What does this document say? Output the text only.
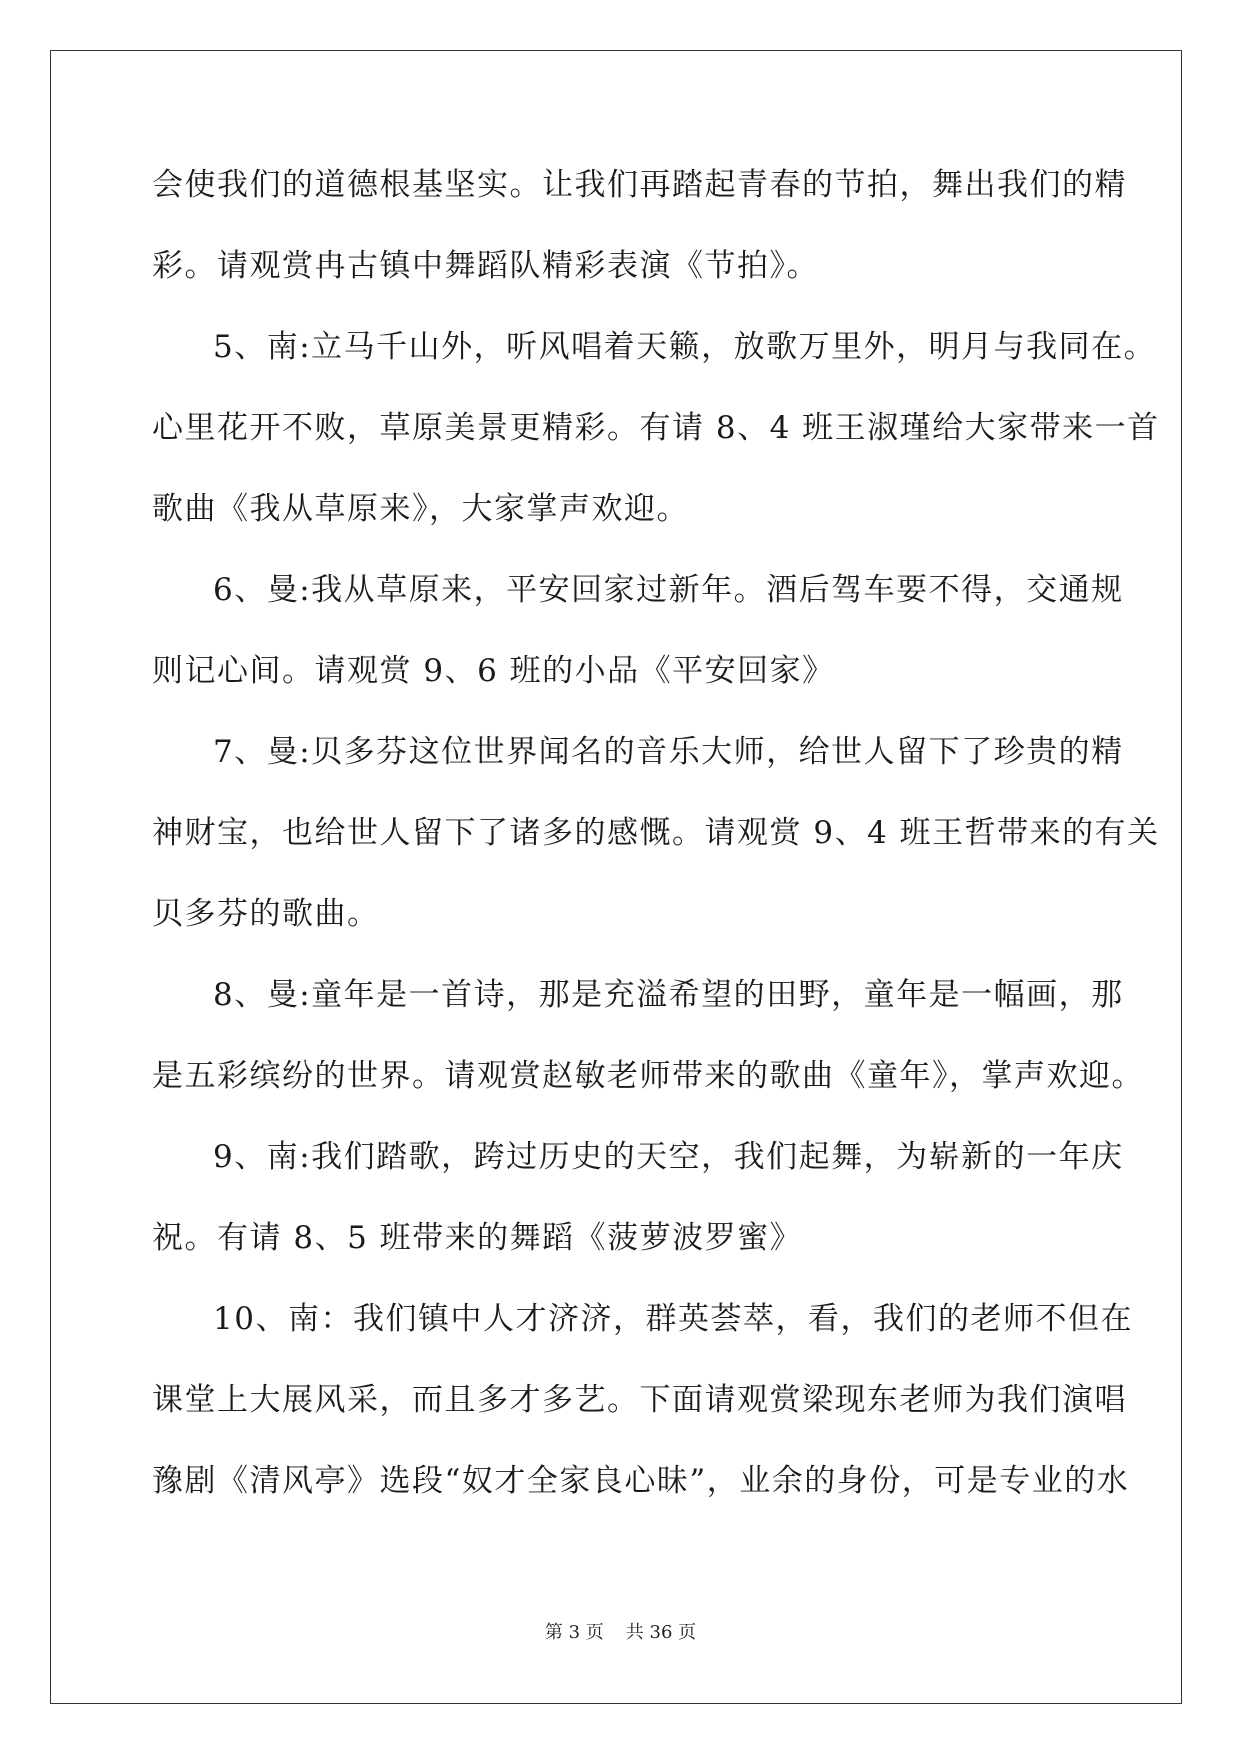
会使我们的道德根基坚实。让我们再踏起青春的节拍，舞出我们的精
彩。请观赏冉古镇中舞蹈队精彩表演《节拍》。
5、南:立马千山外，听风唱着天籁，放歌万里外，明月与我同在。
心里花开不败，草原美景更精彩。有请 8、4 班王淑瑾给大家带来一首
歌曲《我从草原来》，大家掌声欢迎。
6、曼:我从草原来，平安回家过新年。酒后驾车要不得，交通规
则记心间。请观赏 9、6 班的小品《平安回家》
7、曼:贝多芬这位世界闻名的音乐大师，给世人留下了珍贵的精
神财宝，也给世人留下了诸多的感慨。请观赏 9、4 班王哲带来的有关
贝多芬的歌曲。
8、曼:童年是一首诗，那是充溢希望的田野，童年是一幅画，那
是五彩缤纷的世界。请观赏赵敏老师带来的歌曲《童年》，掌声欢迎。
9、南:我们踏歌，跨过历史的天空，我们起舞，为崭新的一年庆
祝。有请 8、5 班带来的舞蹈《菠萝波罗蜜》
10、南：我们镇中人才济济，群英荟萃，看，我们的老师不但在
课堂上大展风采，而且多才多艺。下面请观赏梁现东老师为我们演唱
豫剧《清风亭》选段“奴才全家良心昧”，业余的身份，可是专业的水
第 3 页 共 36 页
